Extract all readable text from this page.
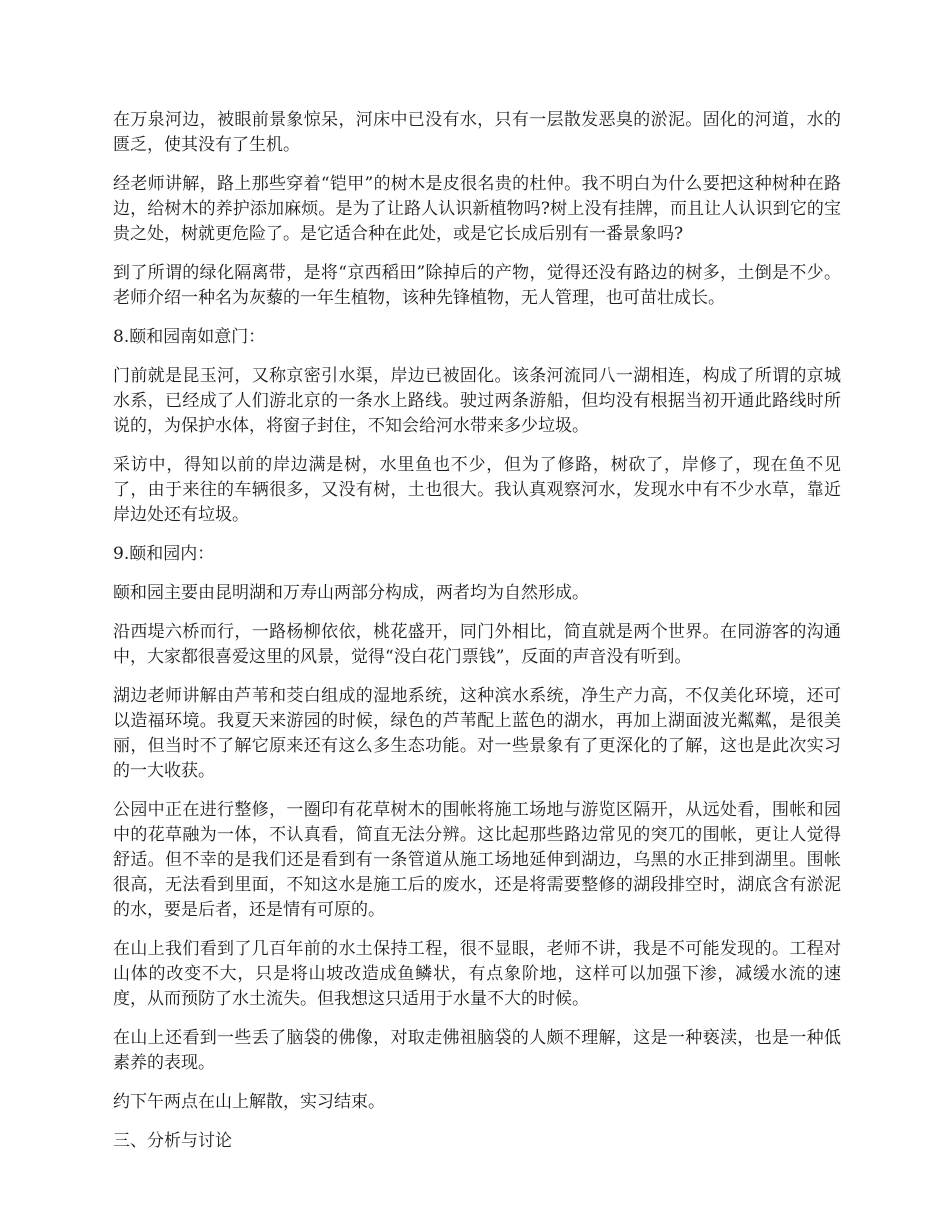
在万泉河边，被眼前景象惊呆，河床中已没有水，只有一层散发恶臭的淤泥。固化的河道，水的匮乏，使其没有了生机。

经老师讲解，路上那些穿着“铠甲”的树木是皮很名贵的杜仲。我不明白为什么要把这种树种在路边，给树木的养护添加麻烦。是为了让路人认识新植物吗?树上没有挂牌，而且让人认识到它的宝贵之处，树就更危险了。是它适合种在此处，或是它长成后别有一番景象吗?

到了所谓的绿化隔离带，是将“京西稻田”除掉后的产物，觉得还没有路边的树多，土倒是不少。老师介绍一种名为灰藜的一年生植物，该种先锋植物，无人管理，也可苗壮成长。

8.颐和园南如意门：

门前就是昆玉河，又称京密引水渠，岸边已被固化。该条河流同八一湖相连，构成了所谓的京城水系，已经成了人们游北京的一条水上路线。驶过两条游船，但均没有根据当初开通此路线时所说的，为保护水体，将窗子封住，不知会给河水带来多少垃圾。

采访中，得知以前的岸边满是树，水里鱼也不少，但为了修路，树砍了，岸修了，现在鱼不见了，由于来往的车辆很多，又没有树，土也很大。我认真观察河水，发现水中有不少水草，靠近岸边处还有垃圾。

9.颐和园内：

颐和园主要由昆明湖和万寿山两部分构成，两者均为自然形成。

沿西堤六桥而行，一路杨柳依依，桃花盛开，同门外相比，简直就是两个世界。在同游客的沟通中，大家都很喜爱这里的风景，觉得“没白花门票钱”，反面的声音没有听到。

湖边老师讲解由芦苇和茭白组成的湿地系统，这种滨水系统，净生产力高，不仅美化环境，还可以造福环境。我夏天来游园的时候，绿色的芦苇配上蓝色的湖水，再加上湖面波光粼粼，是很美丽，但当时不了解它原来还有这么多生态功能。对一些景象有了更深化的了解，这也是此次实习的一大收获。

公园中正在进行整修，一圈印有花草树木的围帐将施工场地与游览区隔开，从远处看，围帐和园中的花草融为一体，不认真看，简直无法分辨。这比起那些路边常见的突兀的围帐，更让人觉得舒适。但不幸的是我们还是看到有一条管道从施工场地延伸到湖边，乌黑的水正排到湖里。围帐很高，无法看到里面，不知这水是施工后的废水，还是将需要整修的湖段排空时，湖底含有淤泥的水，要是后者，还是情有可原的。

在山上我们看到了几百年前的水土保持工程，很不显眼，老师不讲，我是不可能发现的。工程对山体的改变不大，只是将山坡改造成鱼鳞状，有点象阶地，这样可以加强下渗，减缓水流的速度，从而预防了水土流失。但我想这只适用于水量不大的时候。

在山上还看到一些丢了脑袋的佛像，对取走佛祖脑袋的人颇不理解，这是一种亵渎，也是一种低素养的表现。

约下午两点在山上解散，实习结束。

三、分析与讨论
